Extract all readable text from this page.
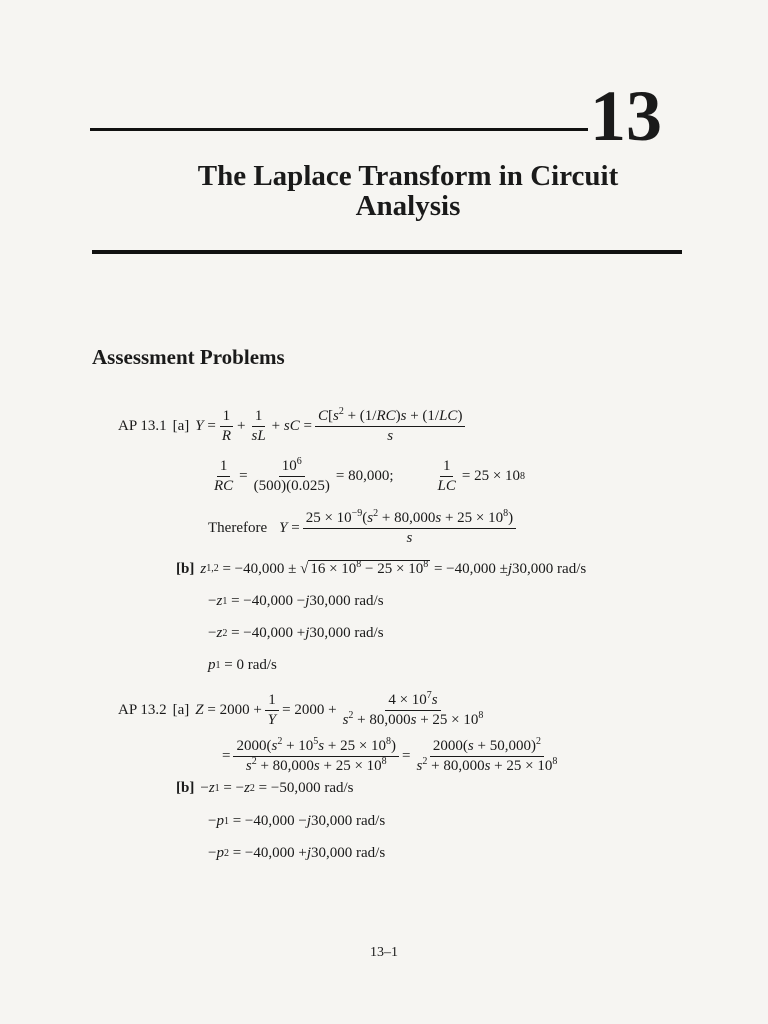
13
The Laplace Transform in Circuit
Analysis
Assessment Problems
AP 13.1 [a] $Y = \frac{1}{R} + \frac{1}{sL}$ + sC = $\frac{C[s^2 + (1/RC)s + (1/LC)}{s}$
$\frac{1}{RC} = \frac{10^6}{(500)(0.025)} = 80,000$;	$\frac{1}{LC} = 25 \times 10$ 8
Therefore $Y = \frac{25 \times 10^{-9}(s^2 + 80,000s + 25 \times 10^8)}{s}$
[b] z 1,2 = −40,000 ± √ $16 \times 10^8 - 25 \times 10^8 = -40,000 \pm j$ 30,000 rad/s
− z 1 = −40,000 − j 30,000 rad/s
− z 2 = −40,000 + j 30,000 rad/s
p 1 = 0 rad/s
AP 13.2 [a] $Z = 2000 + \frac{1}{Y} = 2000 + \frac{4 \times 10^7s}{s^2 + 80,000s + 25 \times 10^8}$
= $\frac{2000(s^2 + 10^5s + 25 \times 10^8)}{s^2 + 80,000s + 25 \times 10^8} = \frac{2000(s + 50,000)^2}{s^2 + 80,000s + 25 \times 10^8}$
[b] − z 1 = − z 2 = −50,000 rad/s
− p 1 = −40,000 − j 30,000 rad/s
− p 2 = −40,000 + j 30,000 rad/s
13–1
